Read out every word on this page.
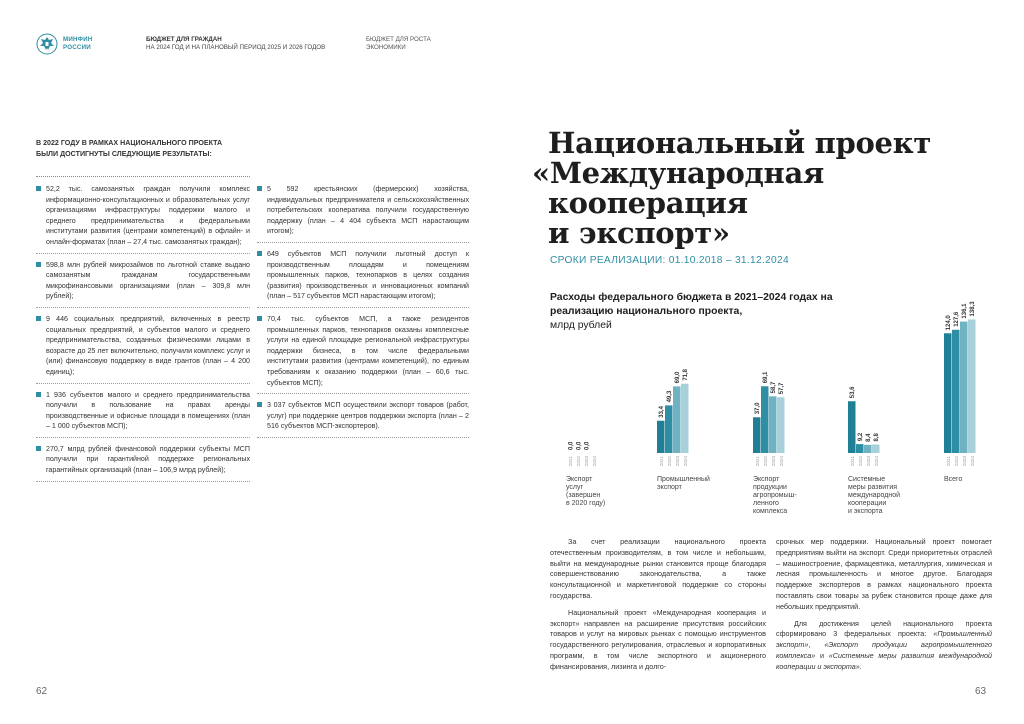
МИНФИН
РОССИИ
БЮДЖЕТ ДЛЯ ГРАЖДАН
НА 2024 ГОД И НА ПЛАНОВЫЙ ПЕРИОД 2025 И 2026 ГОДОВ
БЮДЖЕТ ДЛЯ РОСТА
ЭКОНОМИКИ
В 2022 ГОДУ В РАМКАХ НАЦИОНАЛЬНОГО ПРОЕКТА БЫЛИ ДОСТИГНУТЫ СЛЕДУЮЩИЕ РЕЗУЛЬТАТЫ:
52,2 тыс. самозанятых граждан получили комплекс информационно-консультационных и образовательных услуг организациями инфраструктуры поддержки малого и среднего предпринимательства и федеральными институтами развития (центрами компетенций) в офлайн- и онлайн-форматах (план – 27,4 тыс. самозанятых граждан);
598,8 млн рублей микрозаймов по льготной ставке выдано самозанятым гражданам государственными микрофинансовыми организациями (план – 309,8 млн рублей);
9 446 социальных предприятий, включенных в реестр социальных предприятий, и субъектов малого и среднего предпринимательства, созданных физическими лицами в возрасте до 25 лет включительно, получили комплекс услуг и (или) финансовую поддержку в виде грантов (план – 4 200 единиц);
1 936 субъектов малого и среднего предпринимательства получили в пользование на правах аренды производственные и офисные площади в помещениях (план – 1 000 субъектов МСП);
270,7 млрд рублей финансовой поддержки субъекты МСП получили при гарантийной поддержке региональных гарантийных организаций (план – 106,9 млрд рублей);
5 592 крестьянских (фермерских) хозяйства, индивидуальных предпринимателя и сельскохозяйственных потребительских кооператива получили государственную поддержку (план – 4 404 субъекта МСП нарастающим итогом);
649 субъектов МСП получили льготный доступ к производственным площадям и помещениям промышленных парков, технопарков в целях создания (развития) производственных и инновационных компаний (план – 517 субъектов МСП нарастающим итогом);
70,4 тыс. субъектов МСП, а также резидентов промышленных парков, технопарков оказаны комплексные услуги на единой площадке региональной инфраструктуры поддержки бизнеса, в том числе федеральными институтами развития (центрами компетенций), по единым требованиям к оказанию поддержки (план – 60,6 тыс. субъектов МСП);
3 037 субъектов МСП осуществили экспорт товаров (работ, услуг) при поддержке центров поддержки экспорта (план – 2 516 субъектов МСП-экспортеров).
62
Национальный проект
«Международная
кооперация
и экспорт»
СРОКИ РЕАЛИЗАЦИИ: 01.10.2018 – 31.12.2024
0,0
2021
0,0
2022
0,0
2023 2024
Экспорт
услуг
(завершен
в 2020 году)
33,4
2021
49,3
2022
69,0
2023
71,8
2024
Промышленный
экспорт
37,0
2021
69,1
2022
58,7
2023
57,7
2024
Экспорт
продукции
агропромыш-
ленного
комплекса
53,6
2021
9,2
2022
8,4
2023
8,8
2024
Системные
меры развития
международной
кооперации
и экспорта
124,0
2021
127,6
2022
136,1
2023
138,3
2024
Всего
Расходы федерального бюджета в 2021–2024 годах на реализацию национального проекта,
млрд рублей

За счет реализации национального проекта отечественным производителям, в том числе и небольшим, выйти на международные рынки становится проще благодаря совершенствованию законодательства, а также консультационной и маркетинговой поддержке со стороны государства.

Национальный проект «Международная кооперация и экспорт» направлен на расширение присутствия российских товаров и услуг на мировых рынках с помощью инструментов государственного регулирования, отраслевых и корпоративных программ, в том числе экспортного и акционерного финансирования, лизинга и долго-

срочных мер поддержки. Национальный проект помогает предприятиям выйти на экспорт. Среди приоритетных отраслей – машиностроение, фармацевтика, металлургия, химическая и лесная промышленность и многое другое. Благодаря поддержке экспортеров в рамках национального проекта поставлять свои товары за рубеж становится проще даже для небольших предприятий.

Для достижения целей национального проекта сформировано 3 федеральных проекта: «Промышленный экспорт», «Экспорт продукции агропромышленного комплекса» и «Системные меры развития международной кооперации и экспорта».

63
